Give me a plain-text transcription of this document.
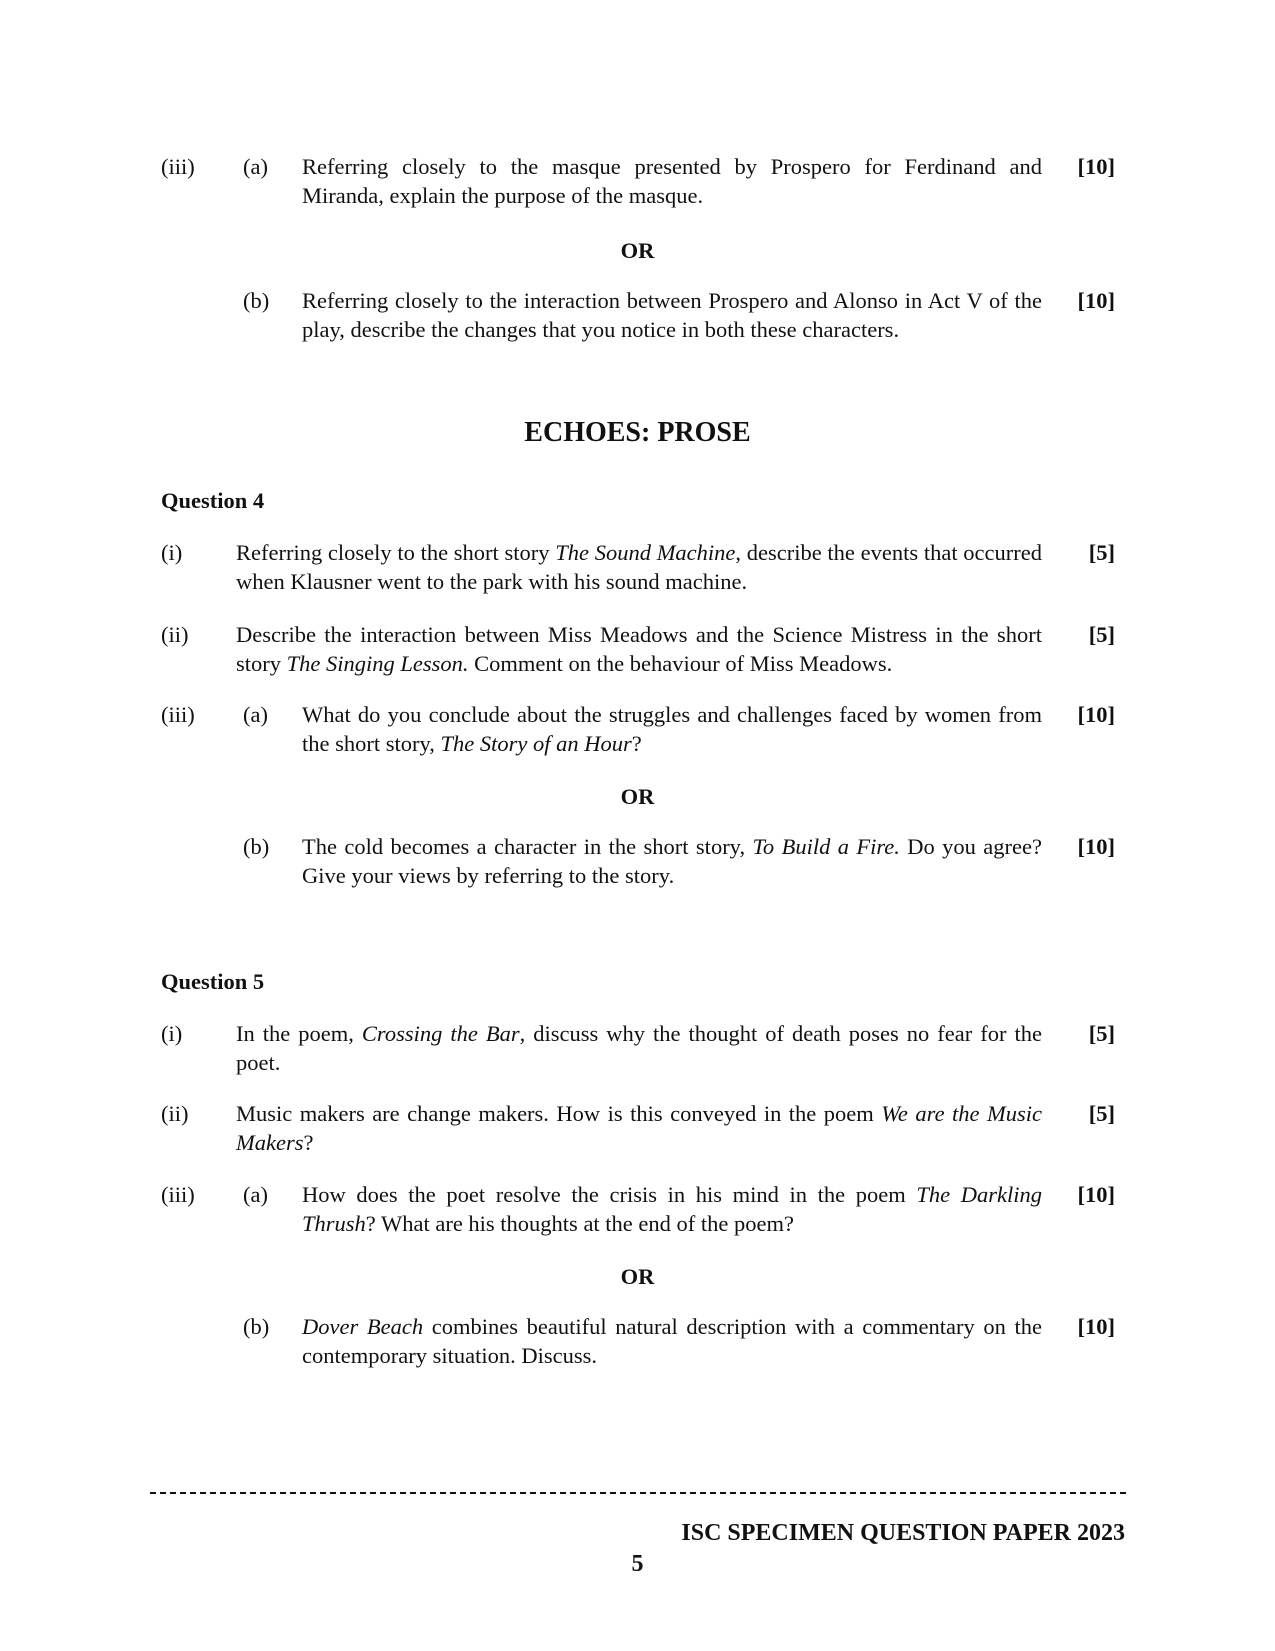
(iii) (a) Referring closely to the masque presented by Prospero for Ferdinand and Miranda, explain the purpose of the masque.
[10]
OR
(b) Referring closely to the interaction between Prospero and Alonso in Act V of the play, describe the changes that you notice in both these characters.
[10]
ECHOES: PROSE
Question 4
(i) Referring closely to the short story The Sound Machine, describe the events that occurred when Klausner went to the park with his sound machine.
[5]
(ii) Describe the interaction between Miss Meadows and the Science Mistress in the short story The Singing Lesson. Comment on the behaviour of Miss Meadows.
[5]
(iii) (a) What do you conclude about the struggles and challenges faced by women from the short story, The Story of an Hour?
[10]
OR
(b) The cold becomes a character in the short story, To Build a Fire. Do you agree? Give your views by referring to the story.
[10]
Question 5
(i) In the poem, Crossing the Bar, discuss why the thought of death poses no fear for the poet.
[5]
(ii) Music makers are change makers. How is this conveyed in the poem We are the Music Makers?
[5]
(iii) (a) How does the poet resolve the crisis in his mind in the poem The Darkling Thrush? What are his thoughts at the end of the poem?
[10]
OR
(b) Dover Beach combines beautiful natural description with a commentary on the contemporary situation. Discuss.
[10]
ISC SPECIMEN QUESTION PAPER 2023
5
